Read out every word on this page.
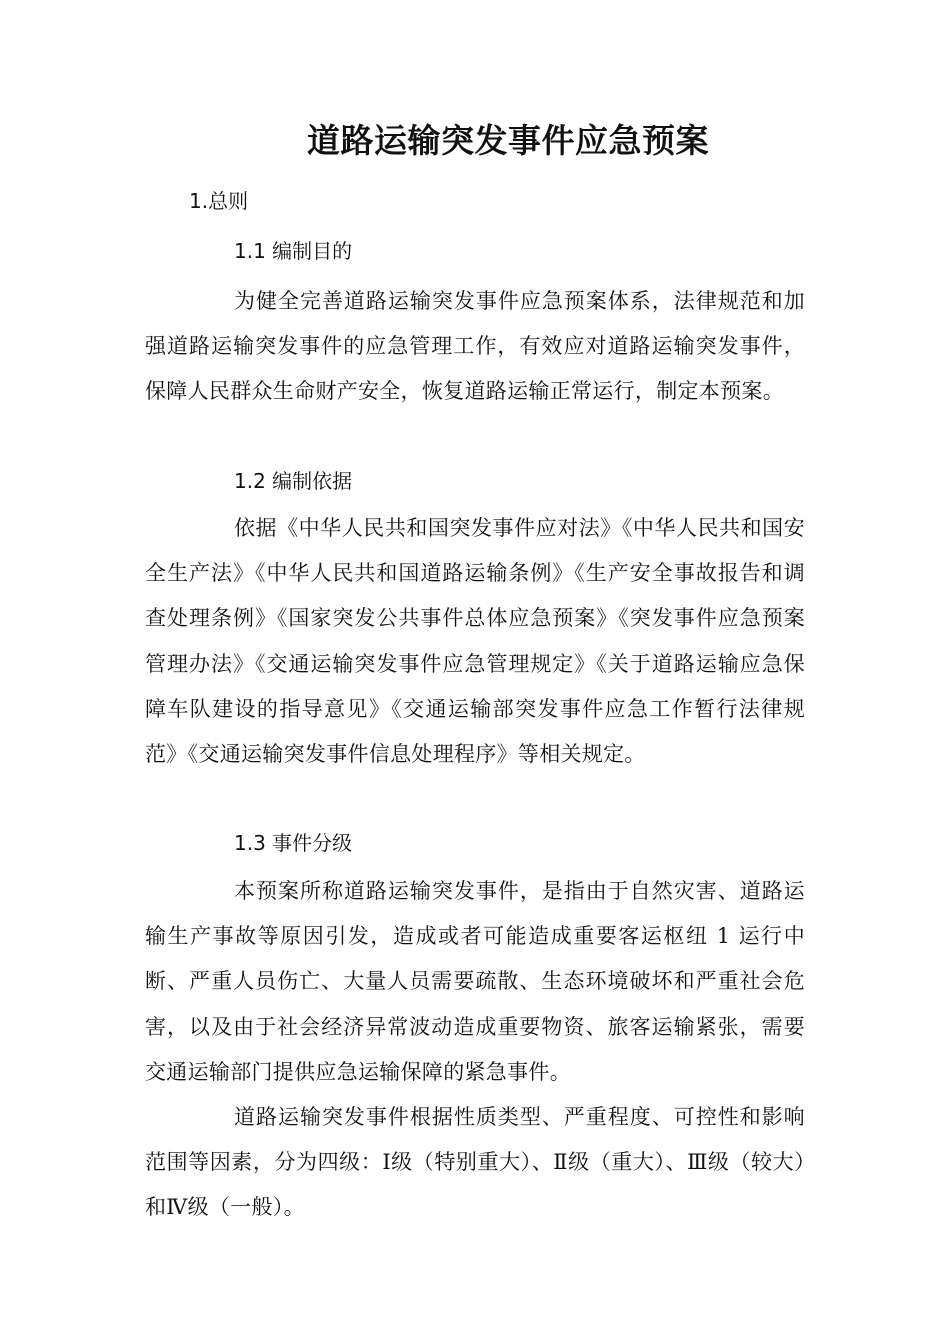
道路运输突发事件应急预案

1.总则

1.1 编制目的

为健全完善道路运输突发事件应急预案体系，法律规范和加强道路运输突发事件的应急管理工作，有效应对道路运输突发事件，保障人民群众生命财产安全，恢复道路运输正常运行，制定本预案。

1.2 编制依据

依据《中华人民共和国突发事件应对法》《中华人民共和国安全生产法》《中华人民共和国道路运输条例》《生产安全事故报告和调查处理条例》《国家突发公共事件总体应急预案》《突发事件应急预案管理办法》《交通运输突发事件应急管理规定》《关于道路运输应急保障车队建设的指导意见》《交通运输部突发事件应急工作暂行法律规范》《交通运输突发事件信息处理程序》等相关规定。

1.3 事件分级

本预案所称道路运输突发事件，是指由于自然灾害、道路运输生产事故等原因引发，造成或者可能造成重要客运枢纽 1 运行中断、严重人员伤亡、大量人员需要疏散、生态环境破坏和严重社会危害，以及由于社会经济异常波动造成重要物资、旅客运输紧张，需要交通运输部门提供应急运输保障的紧急事件。

道路运输突发事件根据性质类型、严重程度、可控性和影响范围等因素，分为四级：Ⅰ级（特别重大）、Ⅱ级（重大）、Ⅲ级（较大）和Ⅳ级（一般）。
